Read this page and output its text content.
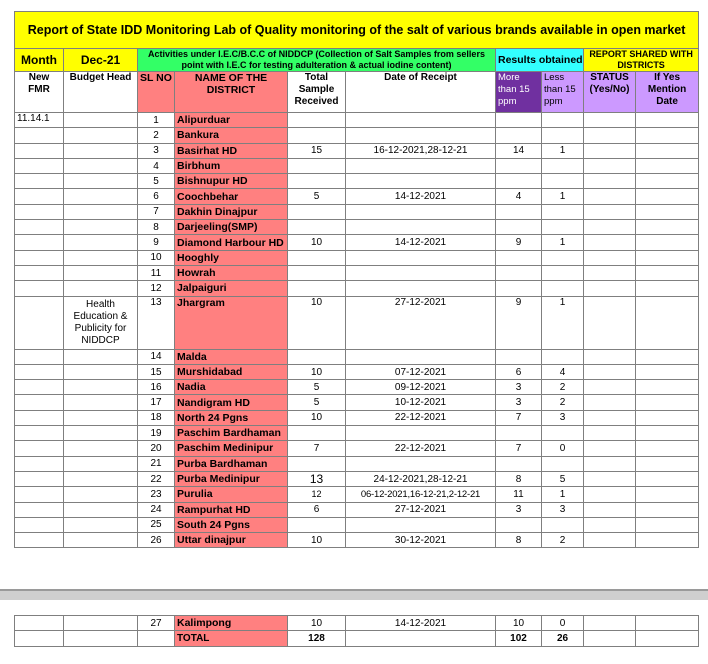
Report of State IDD Monitoring Lab of Quality monitoring of the salt of various brands available in open market									
Month	Dec-21	Activities under I.E.C/B.C.C of NIDDCP (Collection of Salt Samples from sellers point with I.E.C for testing adulteration & actual iodine content)				Results obtained		REPORT SHARED WITH DISTRICTS	
New FMR	Budget Head	SL NO	NAME OF THE DISTRICT	Total Sample Received	Date of Receipt	More than 15 ppm	Less than 15 ppm	STATUS (Yes/No)	If Yes Mention Date
11.14.1		1	Alipurduar						
		2	Bankura						
		3	Basirhat HD	15	16-12-2021,28-12-21	14	1		
		4	Birbhum						
		5	Bishnupur HD						
		6	Coochbehar	5	14-12-2021	4	1		
		7	Dakhin Dinajpur						
		8	Darjeeling(SMP)						
		9	Diamond Harbour HD	10	14-12-2021	9	1		
		10	Hooghly						
		11	Howrah						
		12	Jalpaiguri						
	Health Education & Publicity for NIDDCP	13	Jhargram	10	27-12-2021	9	1		
		14	Malda						
		15	Murshidabad	10	07-12-2021	6	4		
		16	Nadia	5	09-12-2021	3	2		
		17	Nandigram HD	5	10-12-2021	3	2		
		18	North 24 Pgns	10	22-12-2021	7	3		
		19	Paschim Bardhaman						
		20	Paschim Medinipur	7	22-12-2021	7	0		
		21	Purba Bardhaman						
		22	Purba Medinipur	13	24-12-2021,28-12-21	8	5		
		23	Purulia	12	06-12-2021,16-12-21,2-12-21	11	1		
		24	Rampurhat HD	6	27-12-2021	3	3		
		25	South 24 Pgns						
		26	Uttar dinajpur	10	30-12-2021	8	2		
		27	Kalimpong	10	14-12-2021	10	0		
			TOTAL	128		102	26		
